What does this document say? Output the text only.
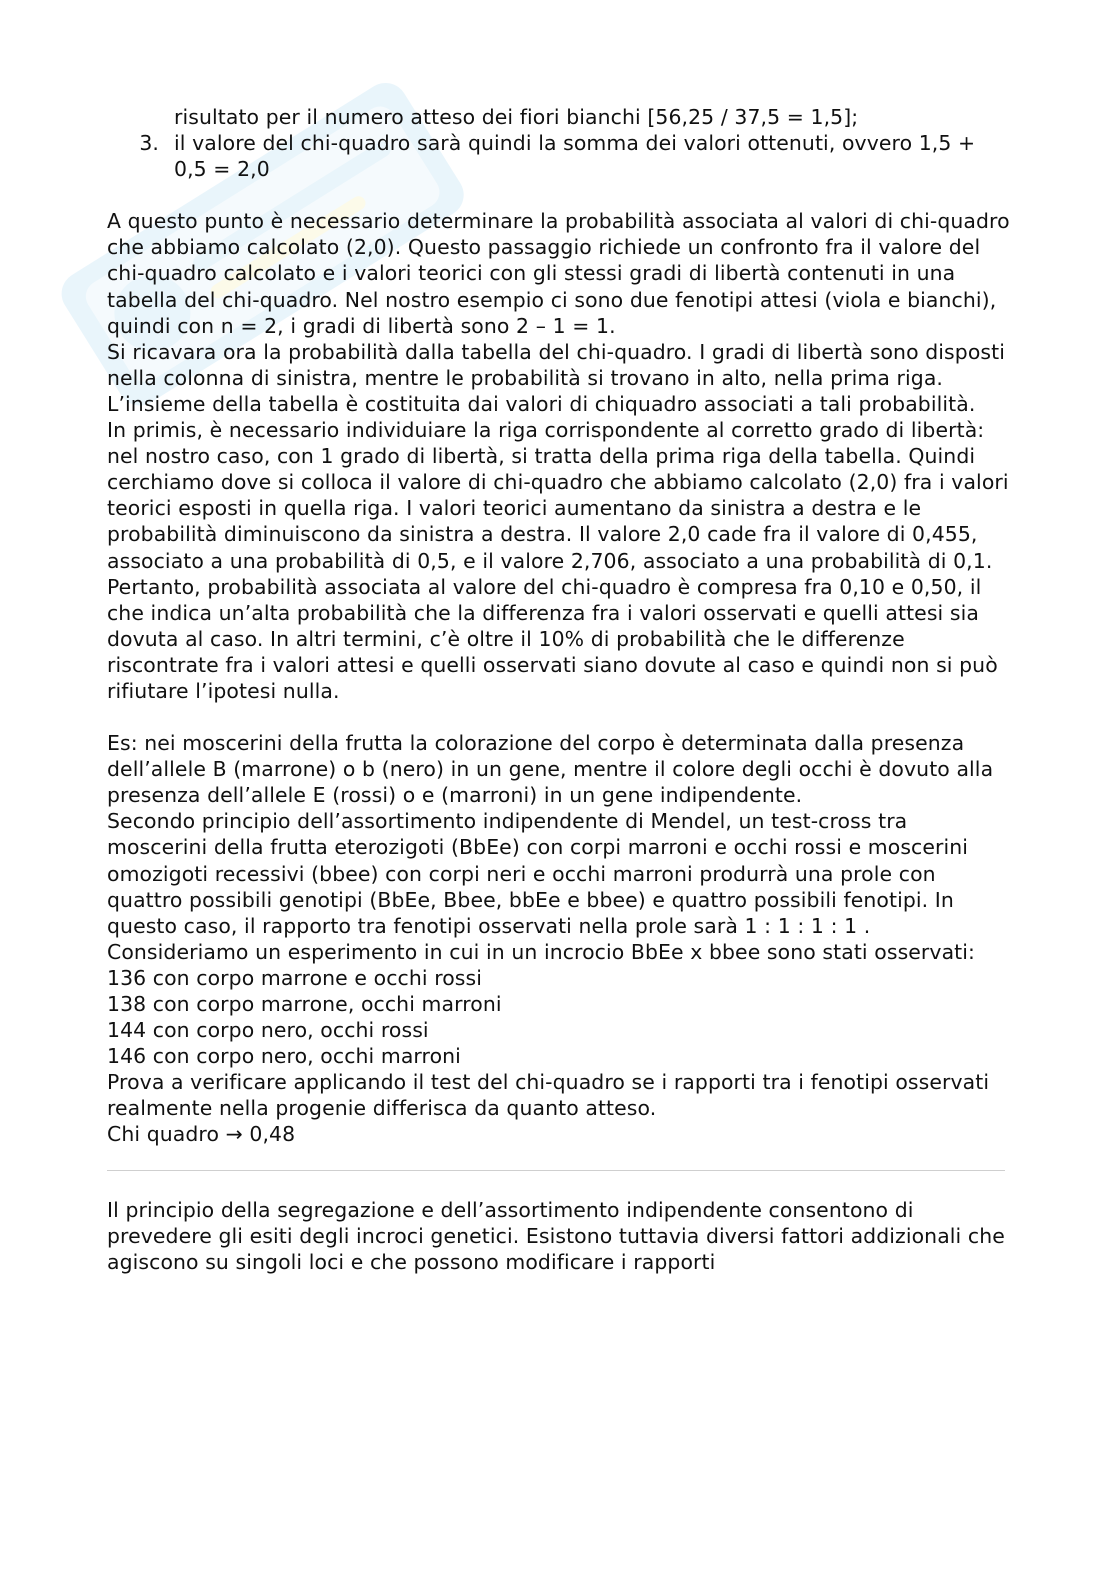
risultato per il numero atteso dei fiori bianchi [56,25 / 37,5 = 1,5];
3. il valore del chi-quadro sarà quindi la somma dei valori ottenuti, ovvero 1,5 + 0,5 = 2,0

A questo punto è necessario determinare la probabilità associata al valori di chi-quadro che abbiamo calcolato (2,0). Questo passaggio richiede un confronto fra il valore del chi-quadro calcolato e i valori teorici con gli stessi gradi di libertà contenuti in una tabella del chi-quadro. Nel nostro esempio ci sono due fenotipi attesi (viola e bianchi), quindi con n = 2, i gradi di libertà sono 2 – 1 = 1.

Si ricavara ora la probabilità dalla tabella del chi-quadro. I gradi di libertà sono disposti nella colonna di sinistra, mentre le probabilità si trovano in alto, nella prima riga. L’insieme della tabella è costituita dai valori di chiquadro associati a tali probabilità.

In primis, è necessario individuiare la riga corrispondente al corretto grado di libertà: nel nostro caso, con 1 grado di libertà, si tratta della prima riga della tabella. Quindi cerchiamo dove si colloca il valore di chi-quadro che abbiamo calcolato (2,0) fra i valori teorici esposti in quella riga. I valori teorici aumentano da sinistra a destra e le probabilità diminuiscono da sinistra a destra. Il valore 2,0 cade fra il valore di 0,455, associato a una probabilità di 0,5, e il valore 2,706, associato a una probabilità di 0,1. Pertanto, probabilità associata al valore del chi-quadro è compresa fra 0,10 e 0,50, il che indica un’alta probabilità che la differenza fra i valori osservati e quelli attesi sia dovuta al caso. In altri termini, c’è oltre il 10% di probabilità che le differenze riscontrate fra i valori attesi e quelli osservati siano dovute al caso e quindi non si può rifiutare l’ipotesi nulla.

Es: nei moscerini della frutta la colorazione del corpo è determinata dalla presenza dell’allele B (marrone) o b (nero) in un gene, mentre il colore degli occhi è dovuto alla presenza dell’allele E (rossi) o e (marroni) in un gene indipendente.

Secondo principio dell’assortimento indipendente di Mendel, un test-cross tra moscerini della frutta eterozigoti (BbEe) con corpi marroni e occhi rossi e moscerini omozigoti recessivi (bbee) con corpi neri e occhi marroni produrrà una prole con quattro possibili genotipi (BbEe, Bbee, bbEe e bbee) e quattro possibili fenotipi. In questo caso, il rapporto tra fenotipi osservati nella prole sarà 1 : 1 : 1 : 1 .

Consideriamo un esperimento in cui in un incrocio BbEe x bbee sono stati osservati:

136 con corpo marrone e occhi rossi

138 con corpo marrone, occhi marroni

144 con corpo nero, occhi rossi

146 con corpo nero, occhi marroni

Prova a verificare applicando il test del chi-quadro se i rapporti tra i fenotipi osservati realmente nella progenie differisca da quanto atteso.

Chi quadro → 0,48

Il principio della segregazione e dell’assortimento indipendente consentono di prevedere gli esiti degli incroci genetici. Esistono tuttavia diversi fattori addizionali che agiscono su singoli loci e che possono modificare i rapporti
